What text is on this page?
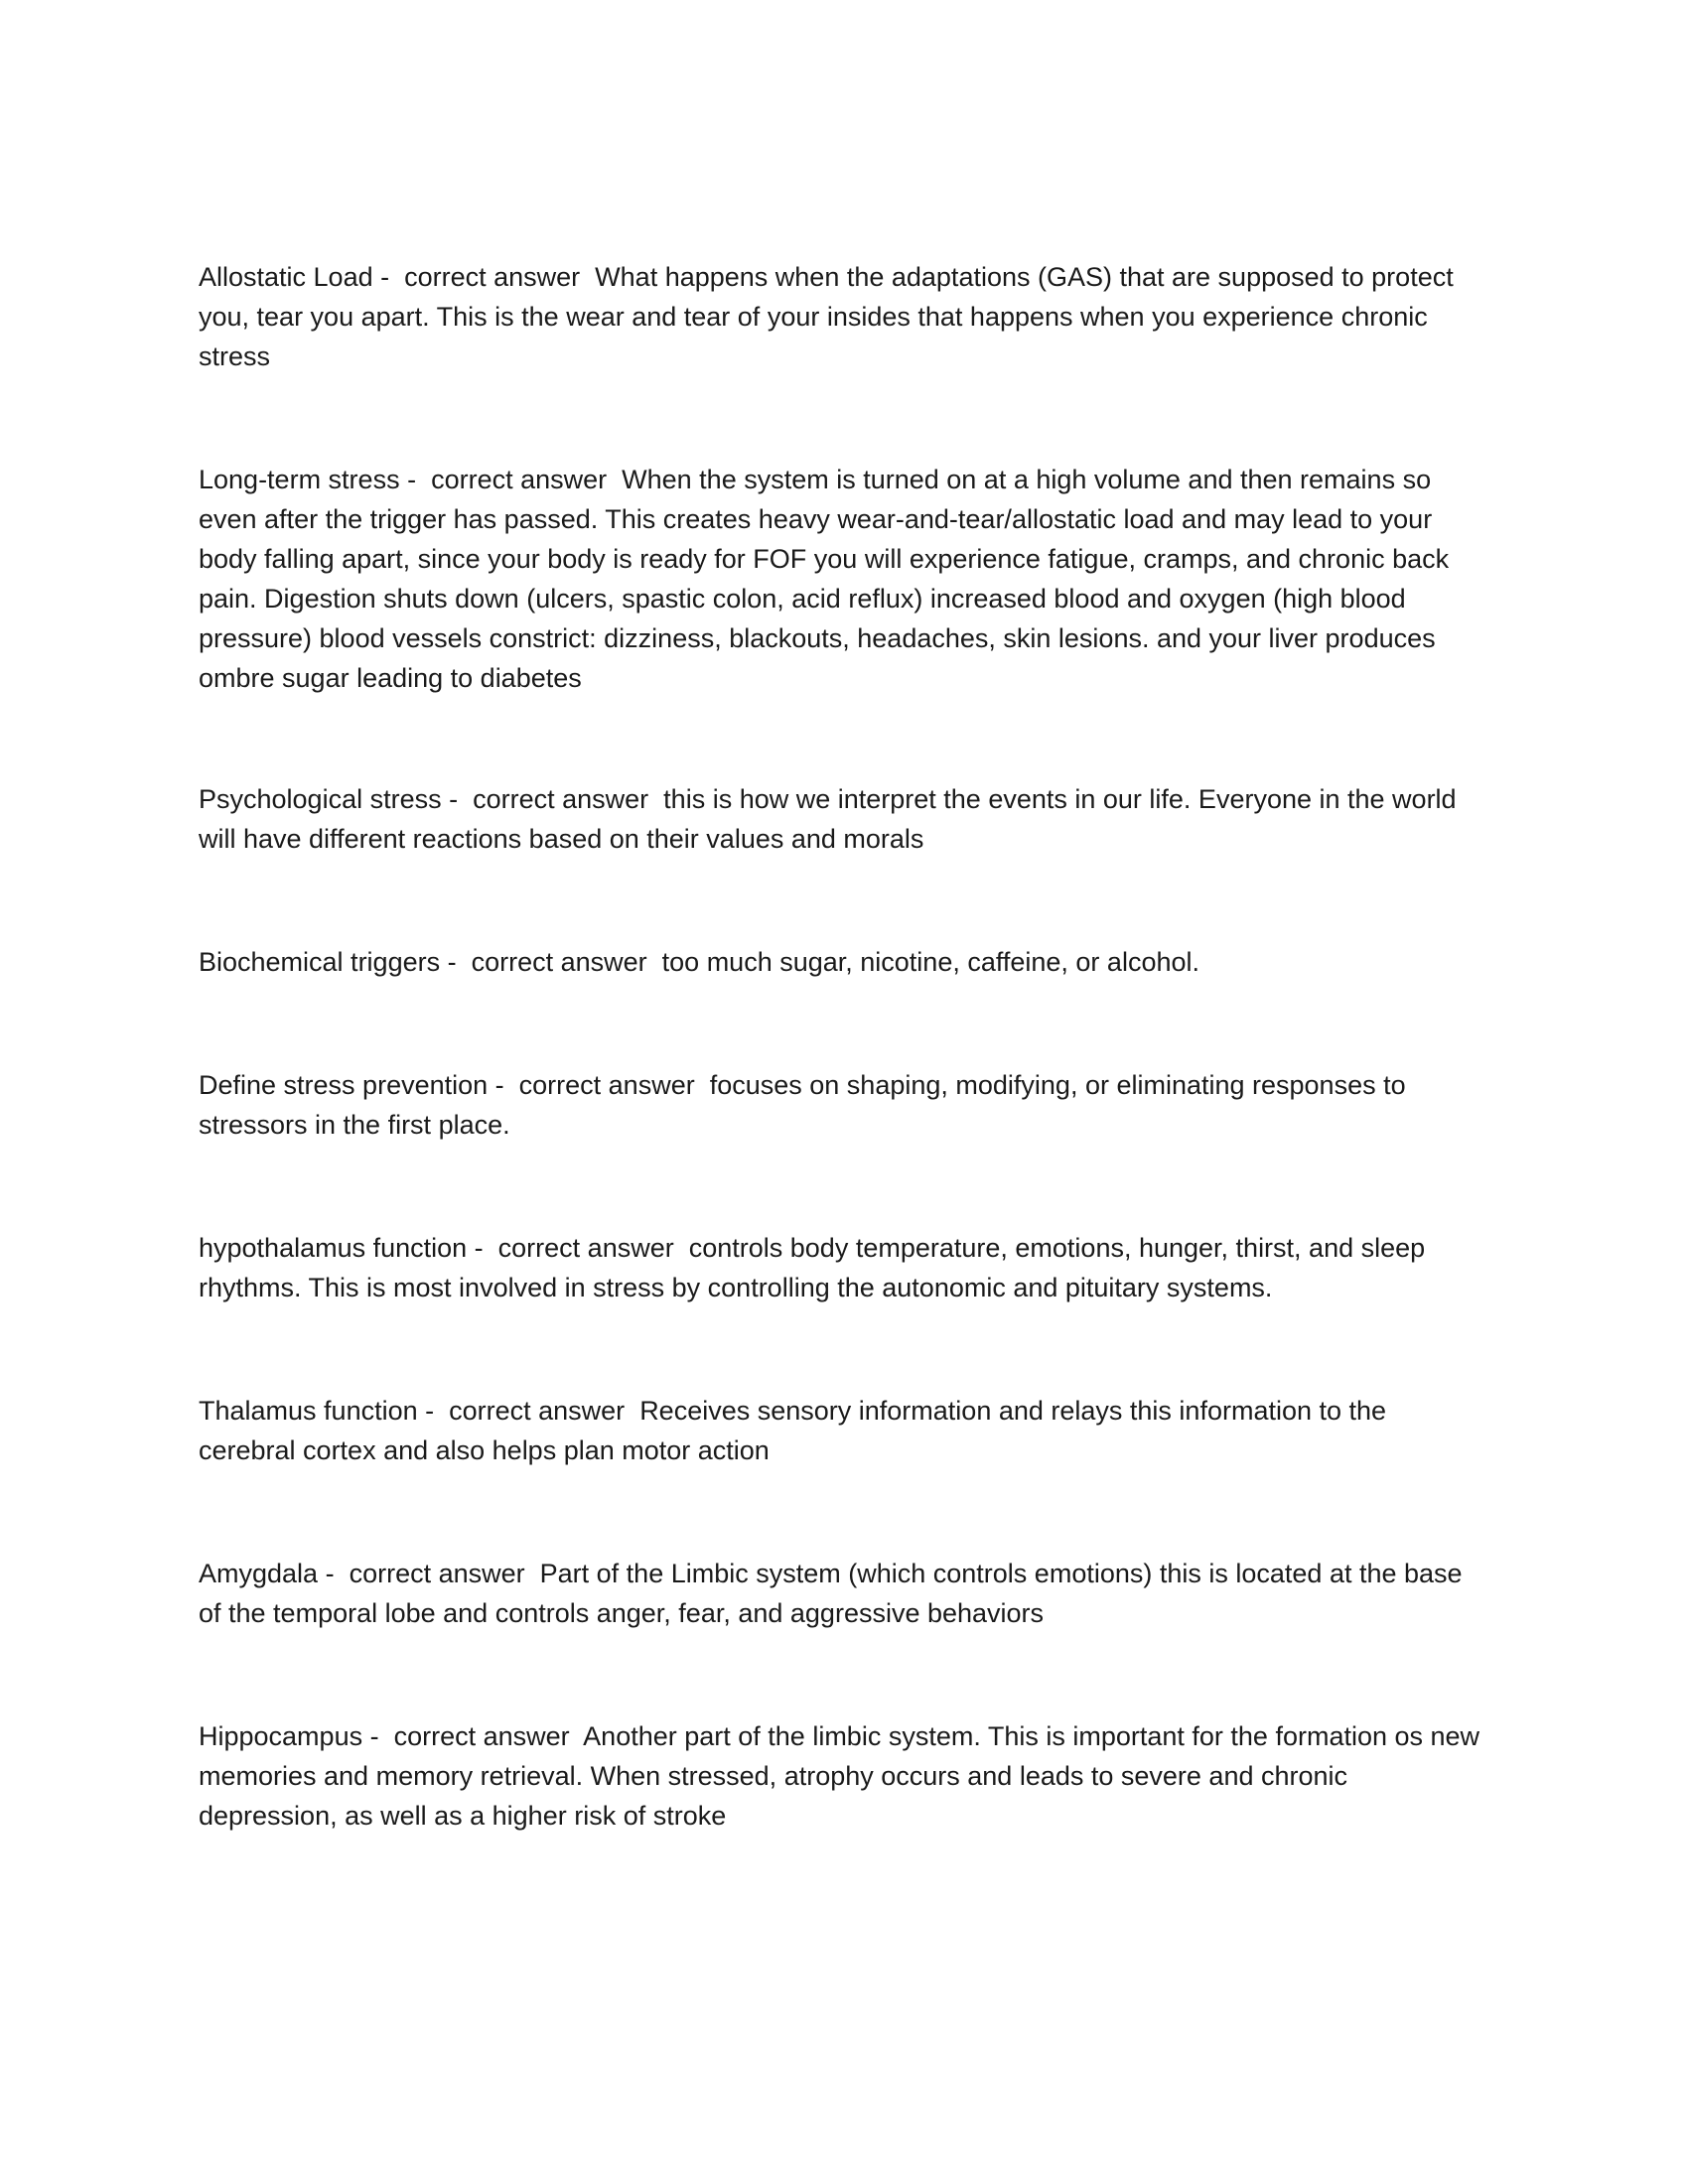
Allostatic Load -  correct answer  What happens when the adaptations (GAS) that are supposed to protect you, tear you apart. This is the wear and tear of your insides that happens when you experience chronic stress
Long-term stress -  correct answer  When the system is turned on at a high volume and then remains so even after the trigger has passed. This creates heavy wear-and-tear/allostatic load and may lead to your body falling apart, since your body is ready for FOF you will experience fatigue, cramps, and chronic back pain. Digestion shuts down (ulcers, spastic colon, acid reflux) increased blood and oxygen (high blood pressure) blood vessels constrict: dizziness, blackouts, headaches, skin lesions. and your liver produces ombre sugar leading to diabetes
Psychological stress -  correct answer  this is how we interpret the events in our life. Everyone in the world will have different reactions based on their values and morals
Biochemical triggers -  correct answer  too much sugar, nicotine, caffeine, or alcohol.
Define stress prevention -  correct answer  focuses on shaping, modifying, or eliminating responses to stressors in the first place.
hypothalamus function -  correct answer  controls body temperature, emotions, hunger, thirst, and sleep rhythms. This is most involved in stress by controlling the autonomic and pituitary systems.
Thalamus function -  correct answer  Receives sensory information and relays this information to the cerebral cortex and also helps plan motor action
Amygdala -  correct answer  Part of the Limbic system (which controls emotions) this is located at the base of the temporal lobe and controls anger, fear, and aggressive behaviors
Hippocampus -  correct answer  Another part of the limbic system. This is important for the formation os new memories and memory retrieval. When stressed, atrophy occurs and leads to severe and chronic depression, as well as a higher risk of stroke
